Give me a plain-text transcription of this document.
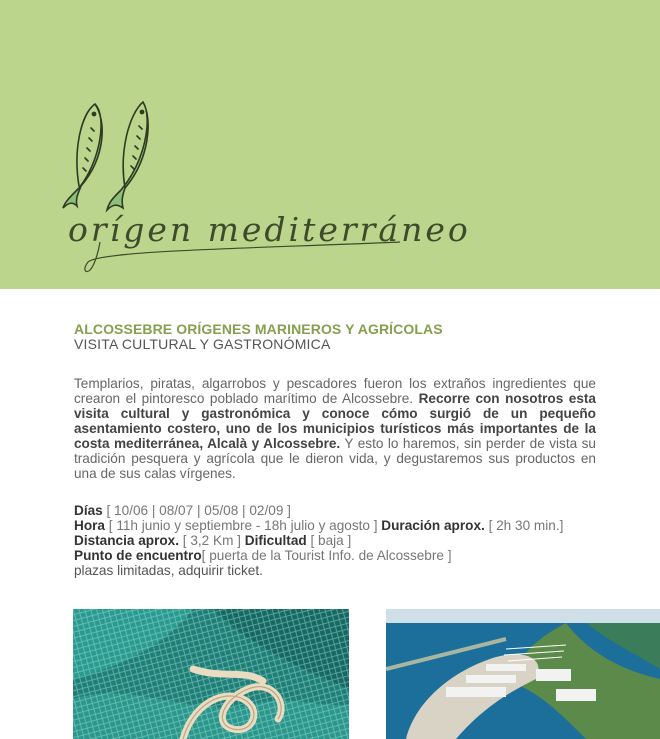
orígen mediterráneo

ALCOSSEBRE ORÍGENES MARINEROS Y AGRÍCOLAS

VISITA CULTURAL Y GASTRONÓMICA

Templarios, piratas, algarrobos y pescadores fueron los extraños ingredientes que crearon el pintoresco poblado marítimo de Alcossebre. Recorre con nosotros esta visita cultural y gastronómica y conoce cómo surgió de un pequeño asentamiento costero, uno de los municipios turísticos más importantes de la costa mediterránea, Alcalà y Alcossebre. Y esto lo haremos, sin perder de vista su tradición pesquera y agrícola que le dieron vida, y degustaremos sus productos en una de sus calas vírgenes.

Días [ 10/06 | 08/07 | 05/08 | 02/09 ]

Hora [ 11h junio y septiembre - 18h julio y agosto ] Duración aprox. [ 2h 30 min.]

Distancia aprox. [ 3,2 Km ] Dificultad [ baja ]

Punto de encuentro[ puerta de la Tourist Info. de Alcossebre ]

plazas limitadas, adquirir ticket.
